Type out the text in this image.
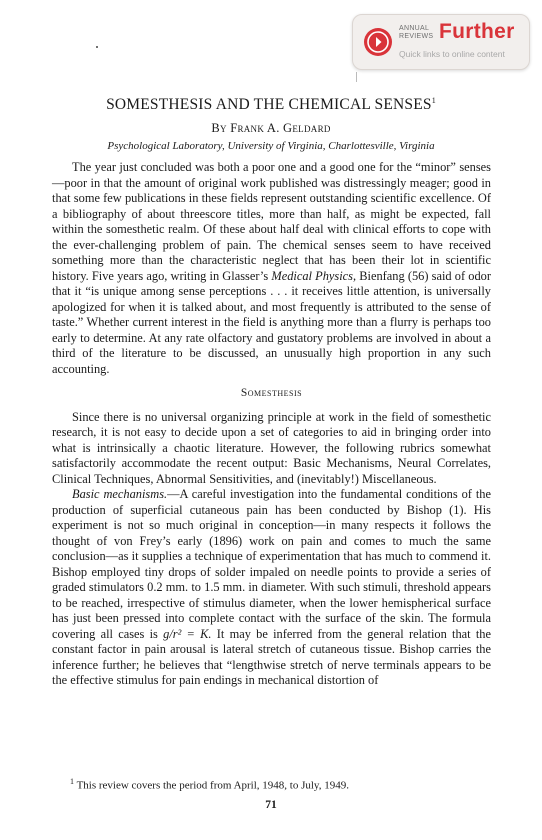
ANNUAL
REVIEWS Further
Quick links to online content
SOMESTHESIS AND THE CHEMICAL SENSES$^1$
By Frank A. Geldard
Psychological Laboratory, University of Virginia, Charlottesville, Virginia

The year just concluded was both a poor one and a good one for the “minor” senses—poor in that the amount of original work published was distressingly meager; good in that some few publications in these fields represent outstanding scientific excellence. Of a bibliography of about threescore titles, more than half, as might be expected, fall within the somesthetic realm. Of these about half deal with clinical efforts to cope with the ever-challenging problem of pain. The chemical senses seem to have received something more than the characteristic neglect that has been their lot in scientific history. Five years ago, writing in Glasser’s Medical Physics, Bienfang (56) said of odor that it “is unique among sense perceptions . . . it receives little attention, is universally apologized for when it is talked about, and most frequently is attributed to the sense of taste.” Whether current interest in the field is anything more than a flurry is perhaps too early to determine. At any rate olfactory and gustatory problems are involved in about a third of the literature to be discussed, an unusually high proportion in any such accounting.

Somesthesis

Since there is no universal organizing principle at work in the field of somesthetic research, it is not easy to decide upon a set of categories to aid in bringing order into what is intrinsically a chaotic literature. However, the following rubrics somewhat satisfactorily accommodate the recent output: Basic Mechanisms, Neural Correlates, Clinical Techniques, Abnormal Sensitivities, and (inevitably!) Miscellaneous.

Basic mechanisms.—A careful investigation into the fundamental conditions of the production of superficial cutaneous pain has been conducted by Bishop (1). His experiment is not so much original in conception—in many respects it follows the thought of von Frey’s early (1896) work on pain and comes to much the same conclusion—as it supplies a technique of experimentation that has much to commend it. Bishop employed tiny drops of solder impaled on needle points to provide a series of graded stimulators 0.2 mm. to 1.5 mm. in diameter. With such stimuli, threshold appears to be reached, irrespective of stimulus diameter, when the lower hemispherical surface has just been pressed into complete contact with the surface of the skin. The formula covering all cases is g/r² = K. It may be inferred from the general relation that the constant factor in pain arousal is lateral stretch of cutaneous tissue. Bishop carries the inference further; he believes that “lengthwise stretch of nerve terminals appears to be the effective stimulus for pain endings in mechanical distortion of

$^1$ This review covers the period from April, 1948, to July, 1949.
71
